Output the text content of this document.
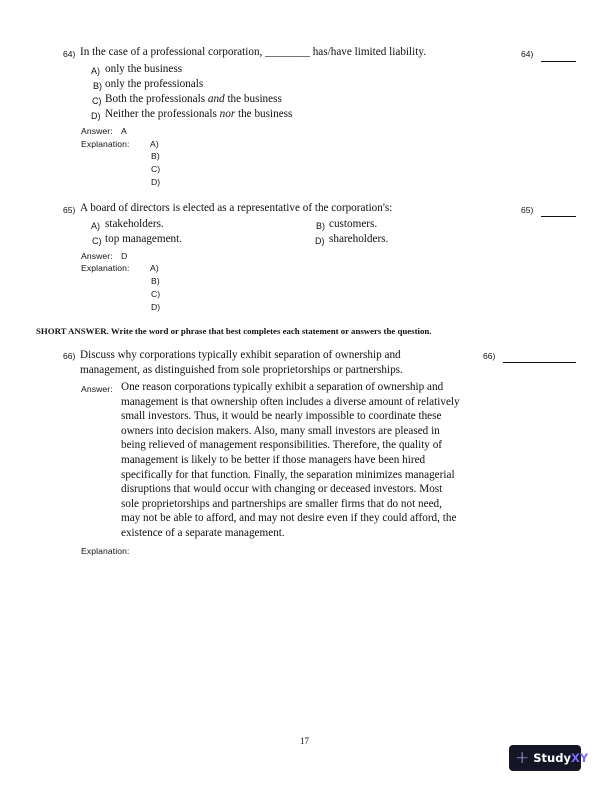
64) In the case of a professional corporation, ________ has/have limited liability.	64)
A) only the business
B) only the professionals
C) Both the professionals and the business
D) Neither the professionals nor the business
Answer: A
Explanation: A)
B)
C)
D)
65) A board of directors is elected as a representative of the corporation's:	65)
A) stakeholders.	B) customers.
C) top management.	D) shareholders.
Answer: D
Explanation: A)
B)
C)
D)
SHORT ANSWER. Write the word or phrase that best completes each statement or answers the question.
66) Discuss why corporations typically exhibit separation of ownership and
management, as distinguished from sole proprietorships or partnerships.
66)
Answer: One reason corporations typically exhibit a separation of ownership and
management is that ownership often includes a diverse amount of relatively
small investors. Thus, it would be nearly impossible to coordinate these
owners into decision makers. Also, many small investors are pleased in
being relieved of management responsibilities. Therefore, the quality of
management is likely to be better if those managers have been hired
specifically for that function. Finally, the separation minimizes managerial
disruptions that would occur with changing or deceased investors. Most
sole proprietorships and partnerships are smaller firms that do not need,
may not be able to afford, and may not desire even if they could afford, the
existence of a separate management.
Explanation:
17
+ StudyXY
